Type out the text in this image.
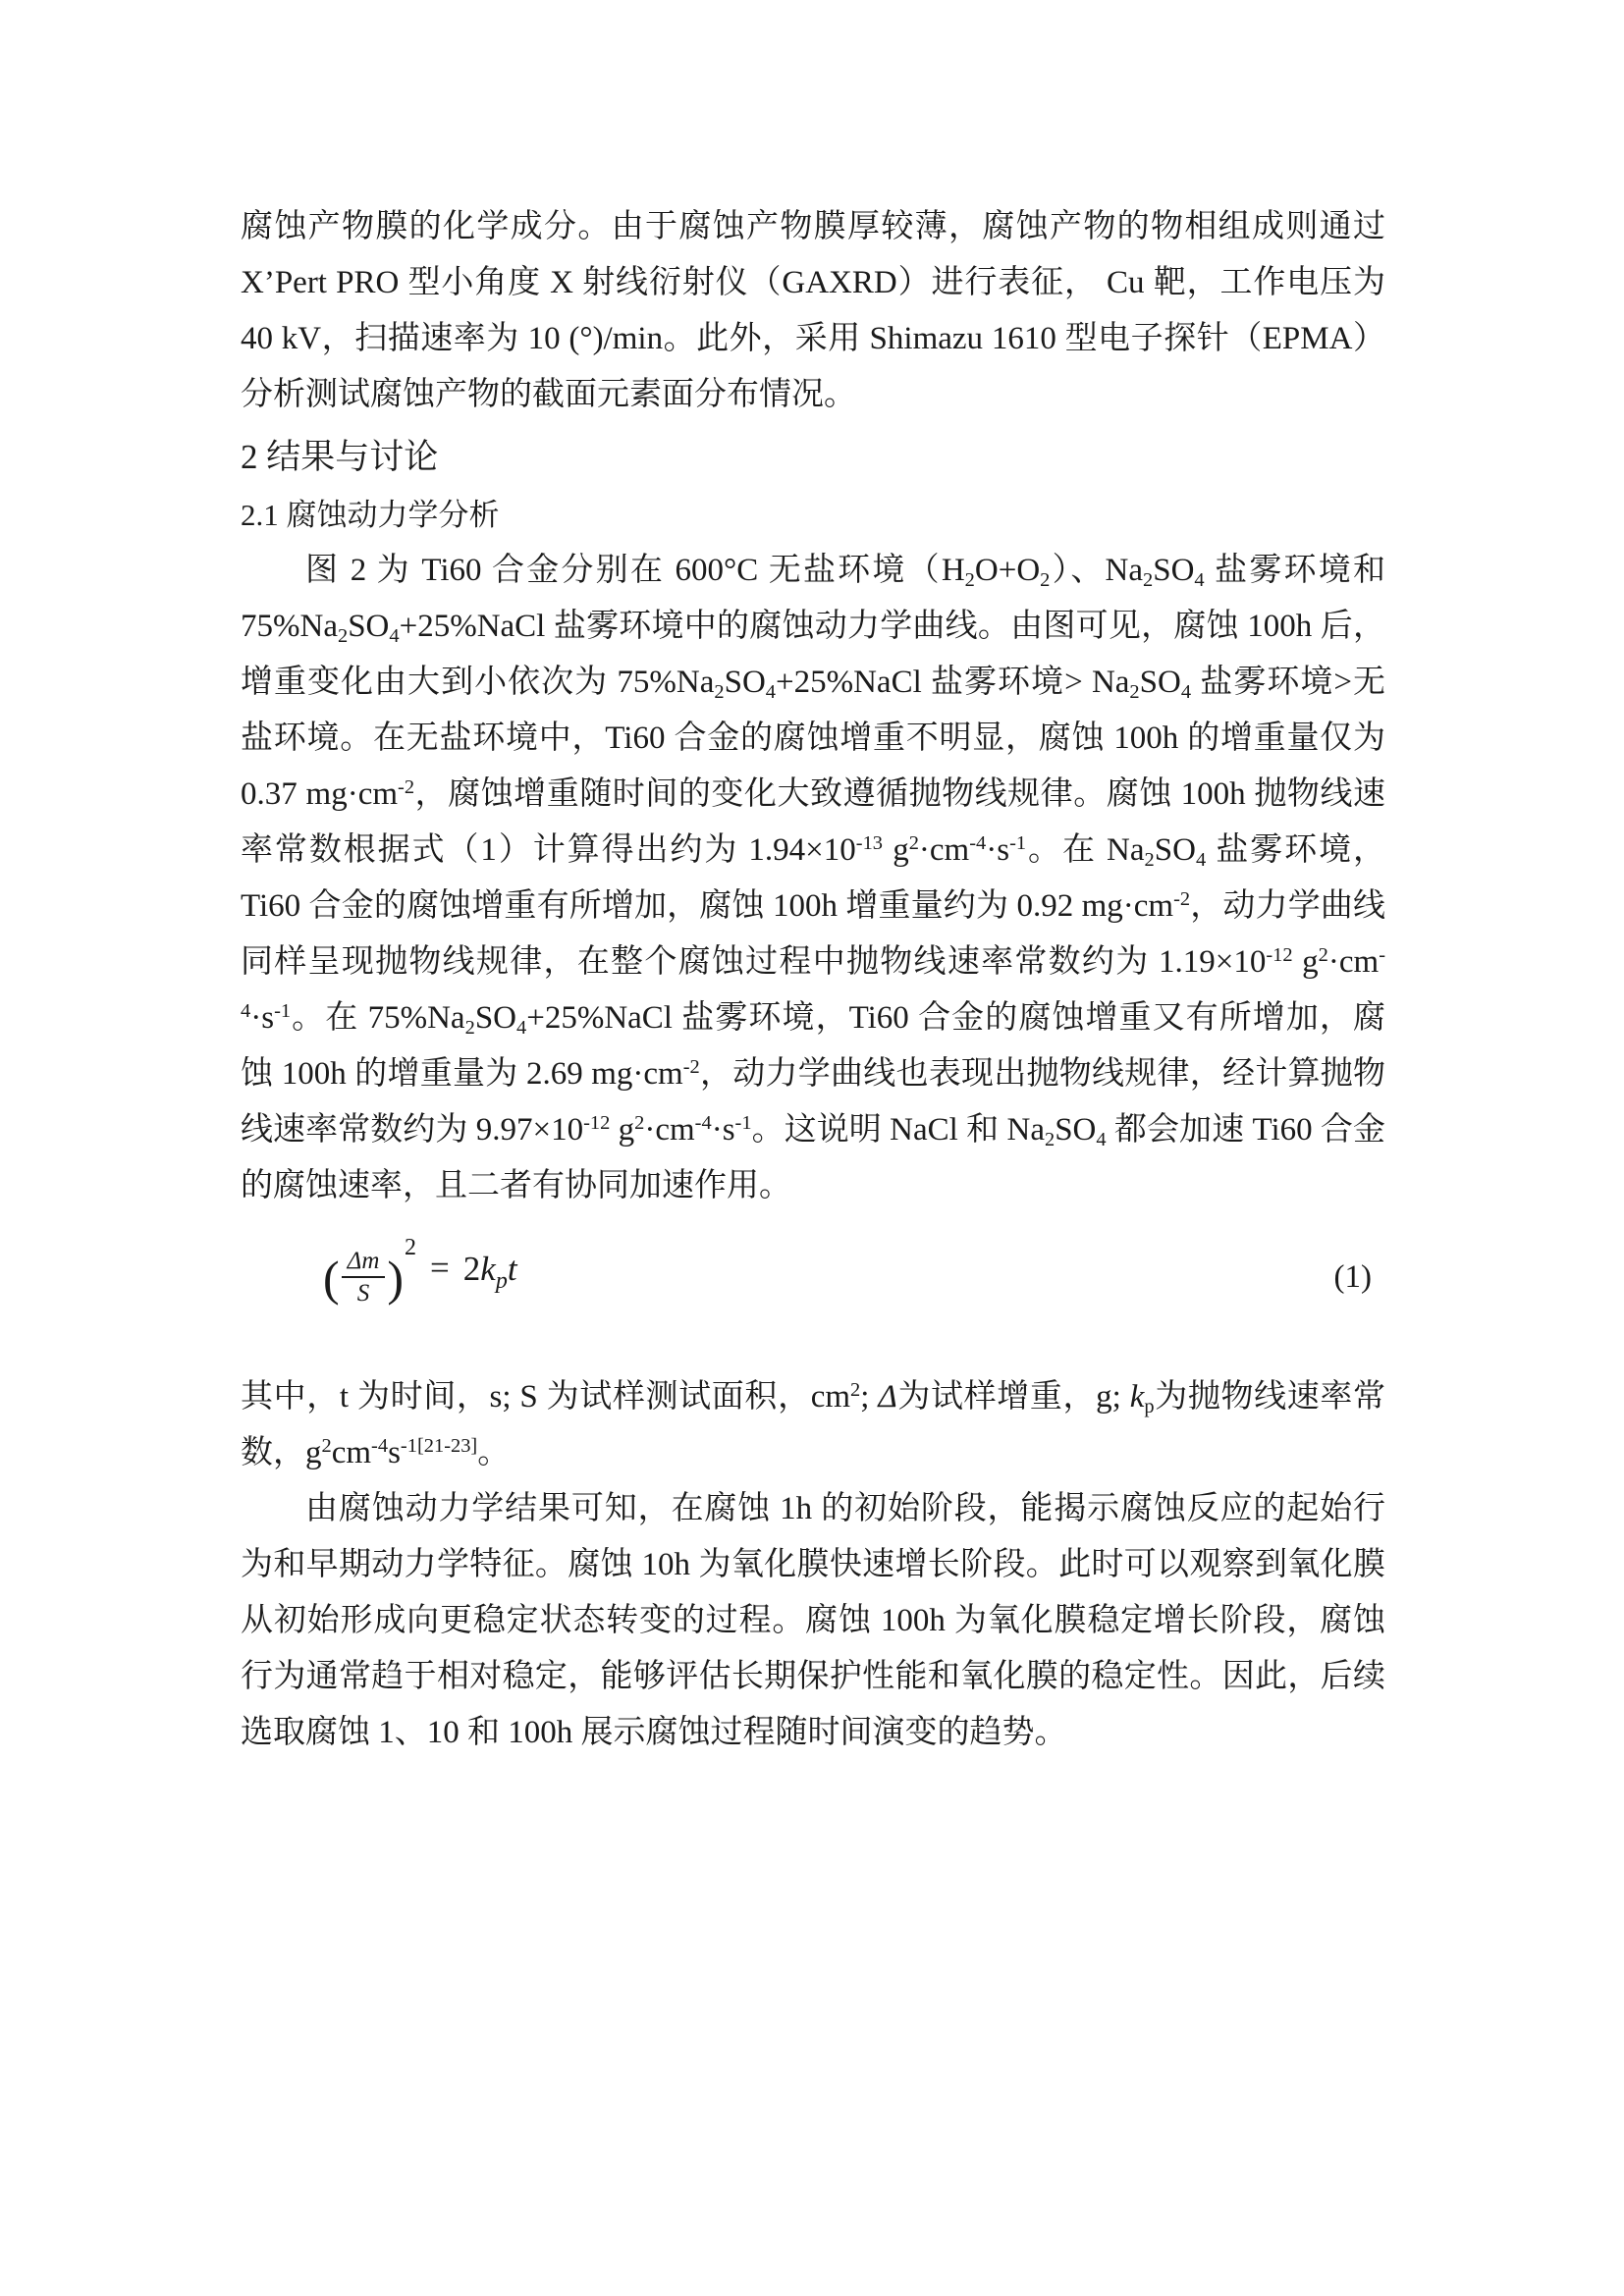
腐蚀产物膜的化学成分。由于腐蚀产物膜厚较薄，腐蚀产物的物相组成则通过 X’Pert PRO 型小角度 X 射线衍射仪（GAXRD）进行表征， Cu 靶，工作电压为 40 kV，扫描速率为 10 (°)/min。此外，采用 Shimazu 1610 型电子探针（EPMA）分析测试腐蚀产物的截面元素面分布情况。

2 结果与讨论
2.1 腐蚀动力学分析

图 2 为 Ti60 合金分别在 600°C 无盐环境$(H_2O+O_2)$、$Na_2SO_4$ 盐雾环境和 $75\%Na_2SO_4+25\%NaCl$ 盐雾环境中的腐蚀动力学曲线。由图可见，腐蚀 100h 后，增重变化由大到小依次为 $75\%Na_2SO_4+25\%NaCl$ 盐雾环境> $Na_2SO_4$ 盐雾环境>无盐环境。在无盐环境中，Ti60 合金的腐蚀增重不明显，腐蚀 100h 的增重量仅为 0.37 $mg\cdot cm^{-2}$，腐蚀增重随时间的变化大致遵循抛物线规律。腐蚀 100h 抛物线速率常数根据式（1）计算得出约为 $1.94\times 10^{-13}$ $g^2\cdot cm^{-4}\cdot s^{-1}$。在 $Na_2SO_4$ 盐雾环境，Ti60 合金的腐蚀增重有所增加，腐蚀 100h 增重量约为 0.92 $mg\cdot cm^{-2}$，动力学曲线同样呈现抛物线规律，在整个腐蚀过程中抛物线速率常数约为 $1.19\times 10^{-12}$ $g^2\cdot cm^{-4}\cdot s^{-1}$。在 $75\%Na_2SO_4+25\%NaCl$ 盐雾环境，Ti60 合金的腐蚀增重又有所增加，腐蚀 100h 的增重量为 2.69 $mg\cdot cm^{-2}$，动力学曲线也表现出抛物线规律，经计算抛物线速率常数约为 $9.97\times 10^{-12}$ $g^2\cdot cm^{-4}\cdot s^{-1}$。这说明 NaCl 和 $Na_2SO_4$ 都会加速 Ti60 合金的腐蚀速率，且二者有协同加速作用。

( $\frac{\Delta m}{S} )^2= 2k_pt$	(1)

其中，t 为时间，s; S 为试样测试面积，$cm^2$; Δ为试样增重，g; $k_p$为抛物线速率常数，$g^2cm^{-4}s^{-1[21-23]}$。

由腐蚀动力学结果可知，在腐蚀 1h 的初始阶段，能揭示腐蚀反应的起始行为和早期动力学特征。腐蚀 10h 为氧化膜快速增长阶段。此时可以观察到氧化膜从初始形成向更稳定状态转变的过程。腐蚀 100h 为氧化膜稳定增长阶段，腐蚀行为通常趋于相对稳定，能够评估长期保护性能和氧化膜的稳定性。因此，后续选取腐蚀 1、10 和 100h 展示腐蚀过程随时间演变的趋势。
